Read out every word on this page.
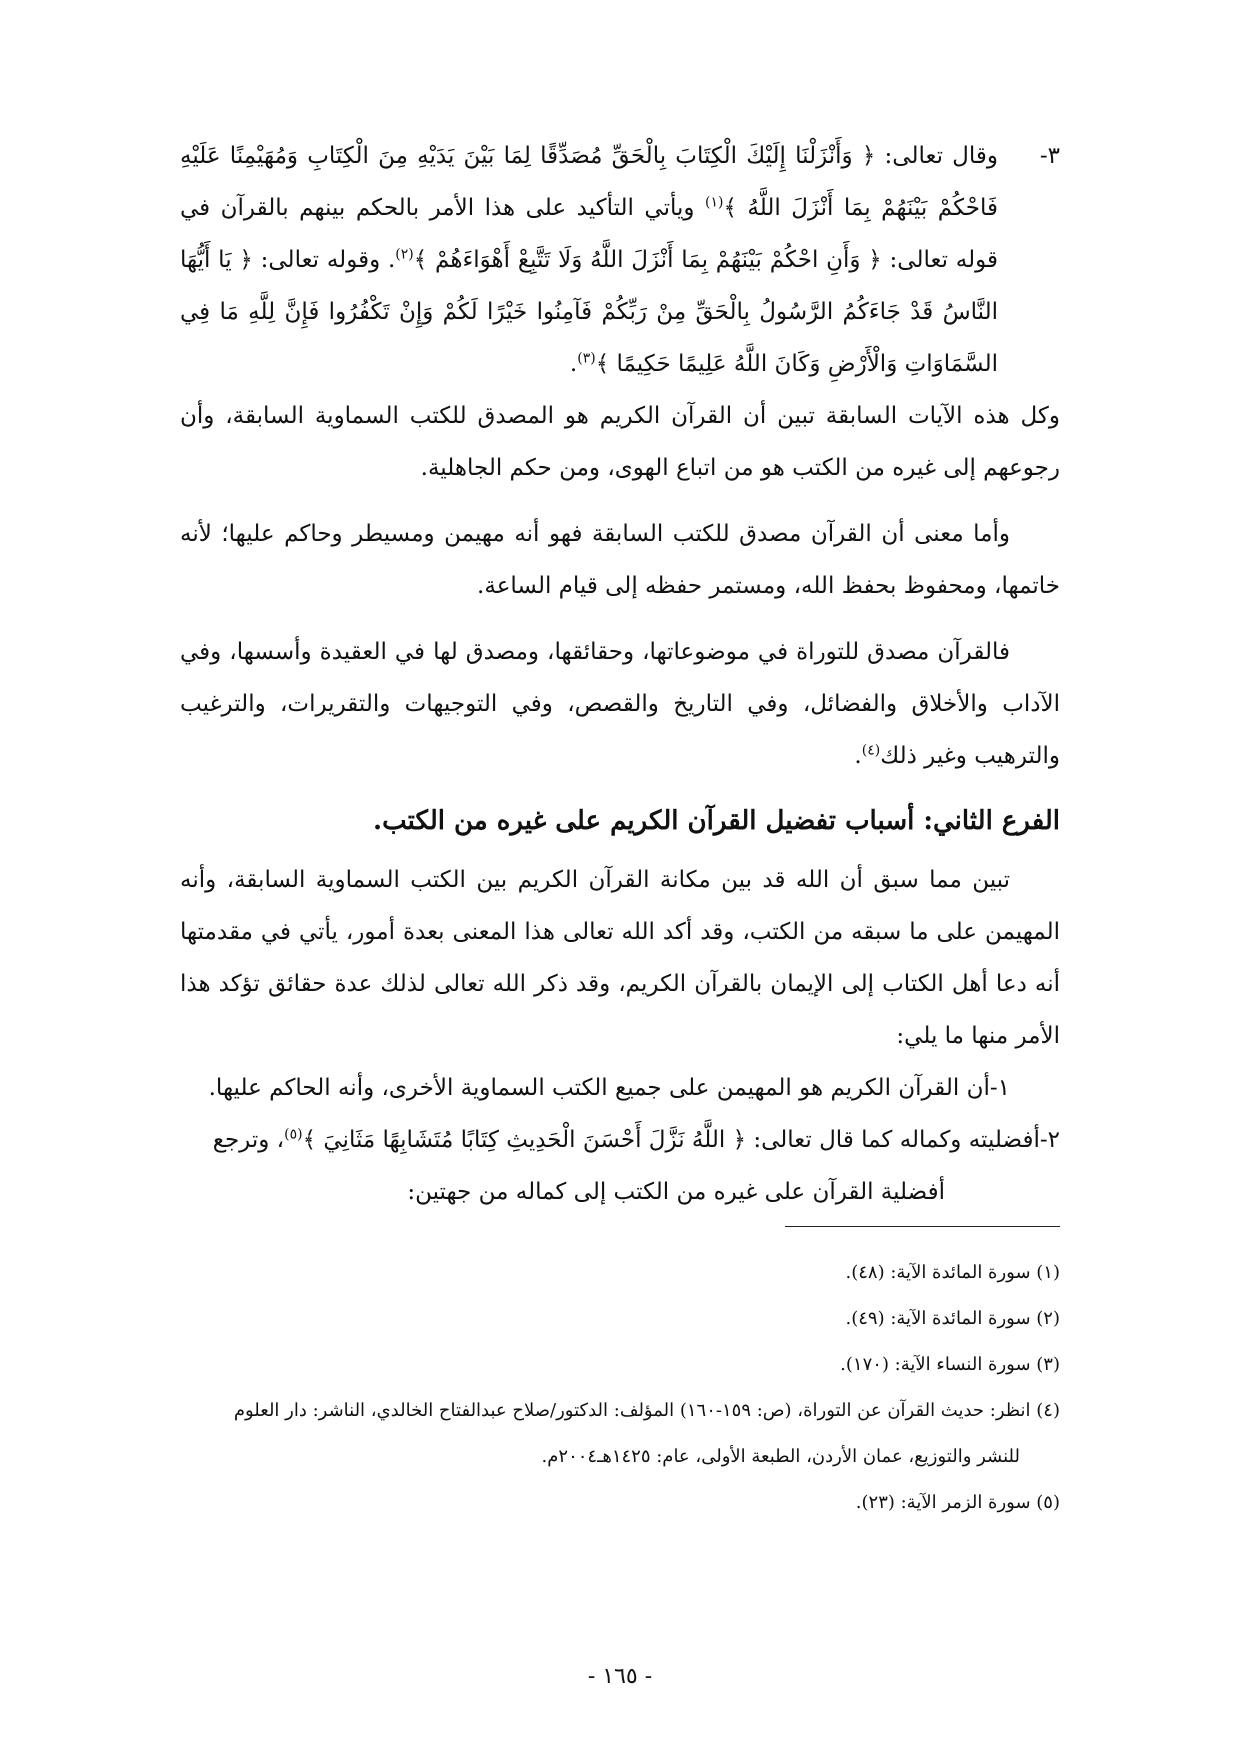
٣-
وقال تعالى: ﴿ وَأَنْزَلْنَا إِلَيْكَ الْكِتَابَ بِالْحَقِّ مُصَدِّقًا لِمَا بَيْنَ يَدَيْهِ مِنَ الْكِتَابِ وَمُهَيْمِنًا عَلَيْهِ فَاحْكُمْ بَيْنَهُمْ بِمَا أَنْزَلَ اللَّهُ ﴾$^{(١)}$ ويأتي التأكيد على هذا الأمر بالحكم بينهم بالقرآن في قوله تعالى: ﴿ وَأَنِ احْكُمْ بَيْنَهُمْ بِمَا أَنْزَلَ اللَّهُ وَلَا تَتَّبِعْ أَهْوَاءَهُمْ ﴾$^{(٢)}$. وقوله تعالى: ﴿ يَا أَيُّهَا النَّاسُ قَدْ جَاءَكُمُ الرَّسُولُ بِالْحَقِّ مِنْ رَبِّكُمْ فَآمِنُوا خَيْرًا لَكُمْ وَإِنْ تَكْفُرُوا فَإِنَّ لِلَّهِ مَا فِي السَّمَاوَاتِ وَالْأَرْضِ وَكَانَ اللَّهُ عَلِيمًا حَكِيمًا ﴾$^{(٣)}$.

وكل هذه الآيات السابقة تبين أن القرآن الكريم هو المصدق للكتب السماوية السابقة، وأن رجوعهم إلى غيره من الكتب هو من اتباع الهوى، ومن حكم الجاهلية.

وأما معنى أن القرآن مصدق للكتب السابقة فهو أنه مهيمن ومسيطر وحاكم عليها؛ لأنه خاتمها، ومحفوظ بحفظ الله، ومستمر حفظه إلى قيام الساعة.

فالقرآن مصدق للتوراة في موضوعاتها، وحقائقها، ومصدق لها في العقيدة وأسسها، وفي الآداب والأخلاق والفضائل، وفي التاريخ والقصص، وفي التوجيهات والتقريرات، والترغيب والترهيب وغير ذلك$^{(٤)}$.

الفرع الثاني: أسباب تفضيل القرآن الكريم على غيره من الكتب.

تبين مما سبق أن الله قد بين مكانة القرآن الكريم بين الكتب السماوية السابقة، وأنه المهيمن على ما سبقه من الكتب، وقد أكد الله تعالى هذا المعنى بعدة أمور، يأتي في مقدمتها أنه دعا أهل الكتاب إلى الإيمان بالقرآن الكريم، وقد ذكر الله تعالى لذلك عدة حقائق تؤكد هذا الأمر منها ما يلي:

١-أن القرآن الكريم هو المهيمن على جميع الكتب السماوية الأخرى، وأنه الحاكم عليها.

٢-أفضليته وكماله كما قال تعالى: ﴿ اللَّهُ نَزَّلَ أَحْسَنَ الْحَدِيثِ كِتَابًا مُتَشَابِهًا مَثَانِيَ ﴾$^{(٥)}$، وترجع

أفضلية القرآن على غيره من الكتب إلى كماله من جهتين:

(١) سورة المائدة الآية: (٤٨).

(٢) سورة المائدة الآية: (٤٩).

(٣) سورة النساء الآية: (١٧٠).

(٤) انظر: حديث القرآن عن التوراة، (ص: ١٥٩-١٦٠) المؤلف: الدكتور/صلاح عبدالفتاح الخالدي، الناشر: دار العلوم
للنشر والتوزيع، عمان الأردن، الطبعة الأولى، عام: ١٤٢٥هـ٢٠٠٤م.

(٥) سورة الزمر الآية: (٢٣).

- ١٦٥ -
